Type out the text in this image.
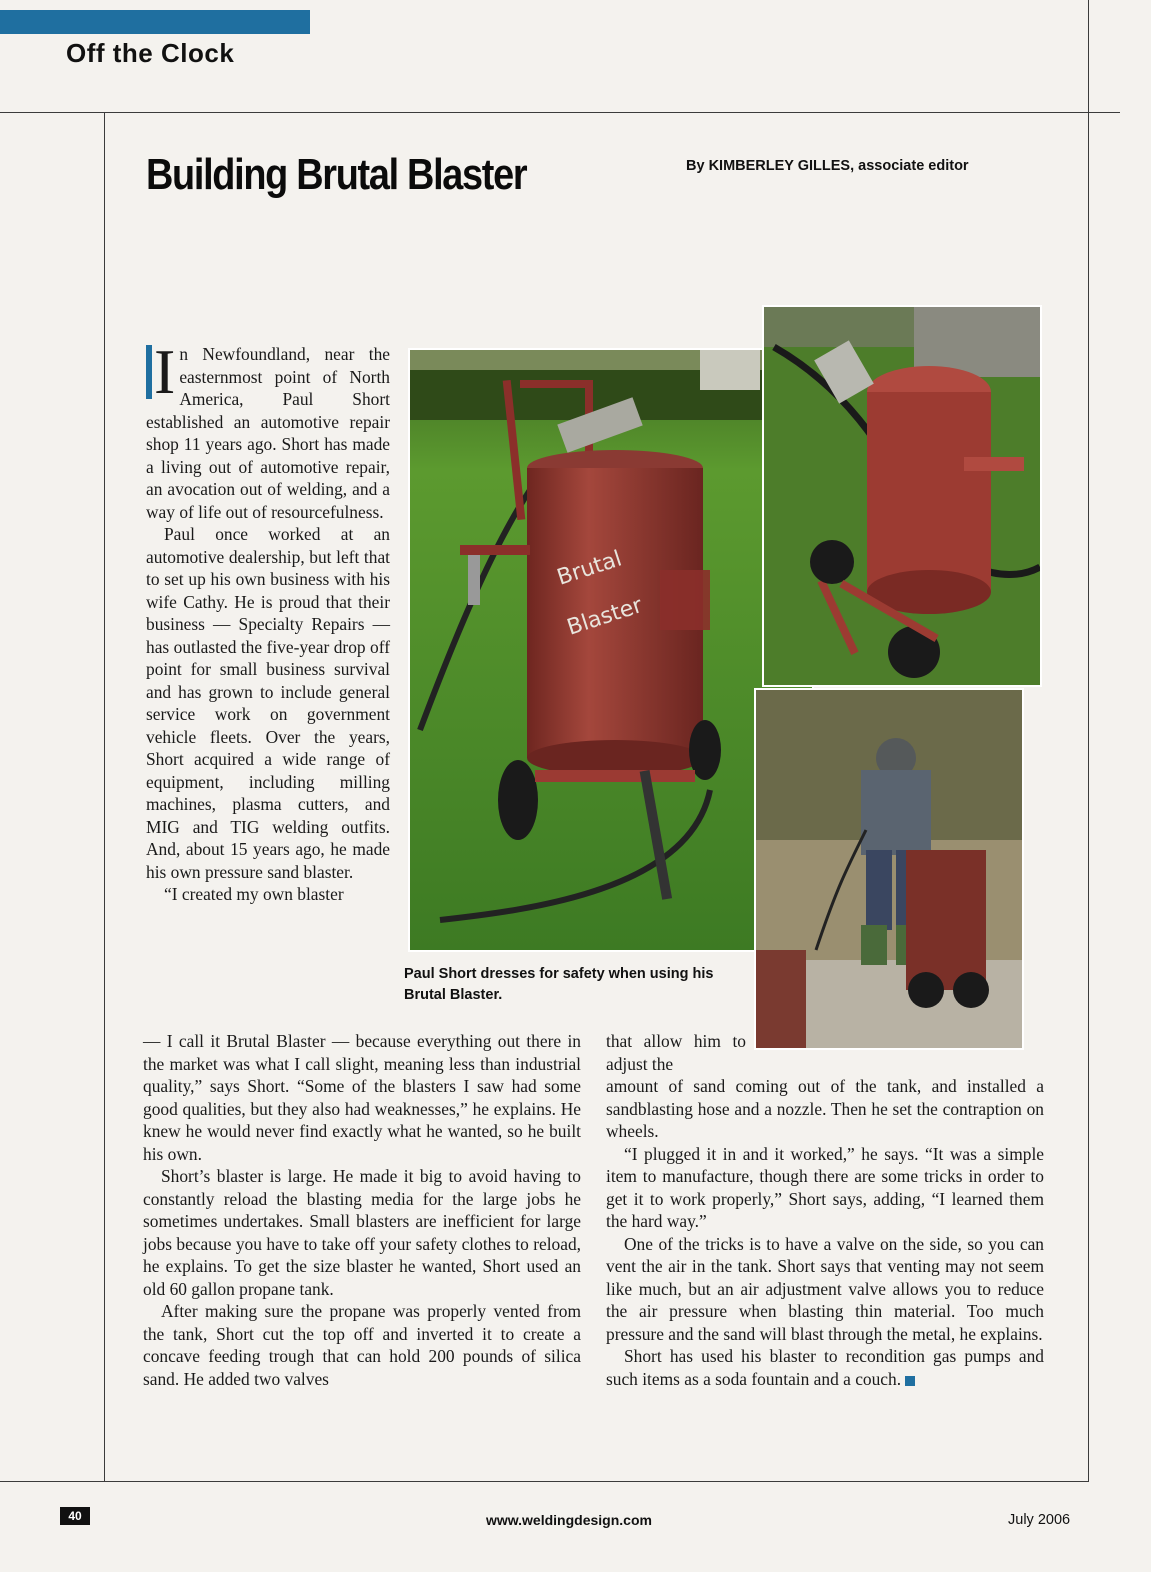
Off the Clock
Building Brutal Blaster	By KIMBERLEY GILLES, associate editor

I n Newfoundland, near the easternmost point of North America, Paul Short established an automotive repair shop 11 years ago. Short has made a living out of automotive repair, an avocation out of welding, and a way of life out of resourcefulness.

Paul once worked at an automotive dealership, but left that to set up his own business with his wife Cathy. He is proud that their business — Specialty Repairs — has outlasted the five-year drop off point for small business survival and has grown to include general service work on government vehicle fleets. Over the years, Short acquired a wide range of equipment, including milling machines, plasma cutters, and MIG and TIG welding outfits. And, about 15 years ago, he made his own pressure sand blaster.

“I created my own blaster

— I call it Brutal Blaster — because everything out there in the market was what I call slight, meaning less than industrial quality,” says Short. “Some of the blasters I saw had some good qualities, but they also had weaknesses,” he explains. He knew he would never find exactly what he wanted, so he built his own.

Short’s blaster is large. He made it big to avoid having to constantly reload the blasting media for the large jobs he sometimes undertakes. Small blasters are inefficient for large jobs because you have to take off your safety clothes to reload, he explains. To get the size blaster he wanted, Short used an old 60 gallon propane tank.

After making sure the propane was properly vented from the tank, Short cut the top off and inverted it to create a concave feeding trough that can hold 200 pounds of silica sand. He added two valves

that allow him to adjust the

amount of sand coming out of the tank, and installed a sandblasting hose and a nozzle. Then he set the contraption on wheels.

“I plugged it in and it worked,” he says. “It was a simple item to manufacture, though there are some tricks in order to get it to work properly,” Short says, adding, “I learned them the hard way.”

One of the tricks is to have a valve on the side, so you can vent the air in the tank. Short says that venting may not seem like much, but an air adjustment valve allows you to reduce the air pressure when blasting thin material. Too much pressure and the sand will blast through the metal, he explains.

Short has used his blaster to recondition gas pumps and such items as a soda fountain and a couch.

Brutal
Blaster
Paul Short dresses for safety when using his Brutal Blaster.
40	www.weldingdesign.com	July 2006
